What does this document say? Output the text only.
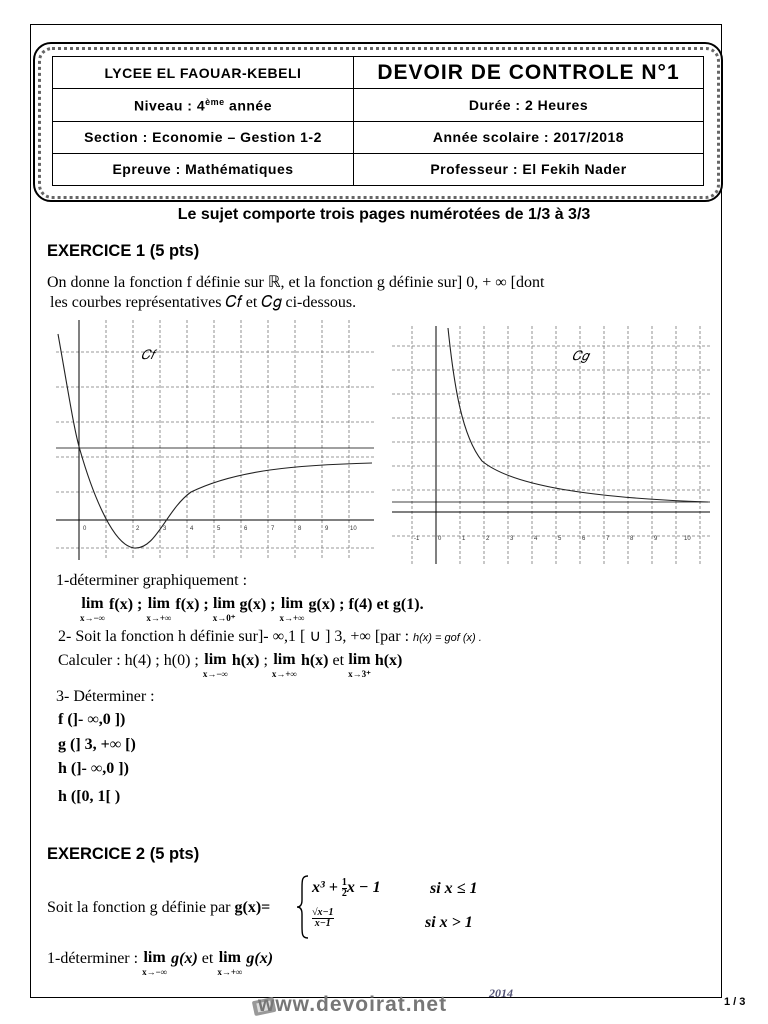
LYCEE EL FAOUAR-KEBELI	DEVOIR DE CONTROLE N°1
Niveau : 4ème année	Durée : 2 Heures
Section : Economie – Gestion 1-2	Année scolaire : 2017/2018
Epreuve : Mathématiques	Professeur : El Fekih Nader
Le sujet comporte trois pages numérotées de 1/3 à 3/3
EXERCICE 1 (5 pts)
On donne la fonction f définie sur ℝ, et la fonction g définie sur] 0, + ∞ [dont
les courbes représentatives 𝐶𝑓 et 𝐶𝑔 ci-dessous.
𝐶𝑓
0	2	3	4	5	6	7	8	9	10
𝐶𝑔
-1	0	1	2	3	4	5	6	7	8	9	10
1-déterminer graphiquement :
lim
x→−∞
f(x) ; lim
x→+∞
f(x) ; lim
x→0⁺
g(x) ; lim
x→+∞
g(x) ; f(4) et g(1).
2- Soit la fonction h définie sur]- ∞,1 [ ∪ ] 3, +∞ [par : h(x) = gof (x) .
Calculer : h(4) ; h(0) ; lim
x→−∞
h(x) ; lim
x→+∞
h(x) et lim
x→3⁺
h(x)
3- Déterminer :
f (]- ∞,0 ])
g (] 3, +∞ [)
h (]- ∞,0 ])
h ([0, 1[ )
EXERCICE 2 (5 pts)
Soit la fonction g définie par g(x)=
$x^3 + \frac{1}{2}$ x − 1	si x ≤ 1
$\frac{√x-1}{x-1}$	si x > 1
1-déterminer : lim
x→−∞
g(x) et lim
x→+∞
g(x)
www.devoirat.net	2014
1 / 3
